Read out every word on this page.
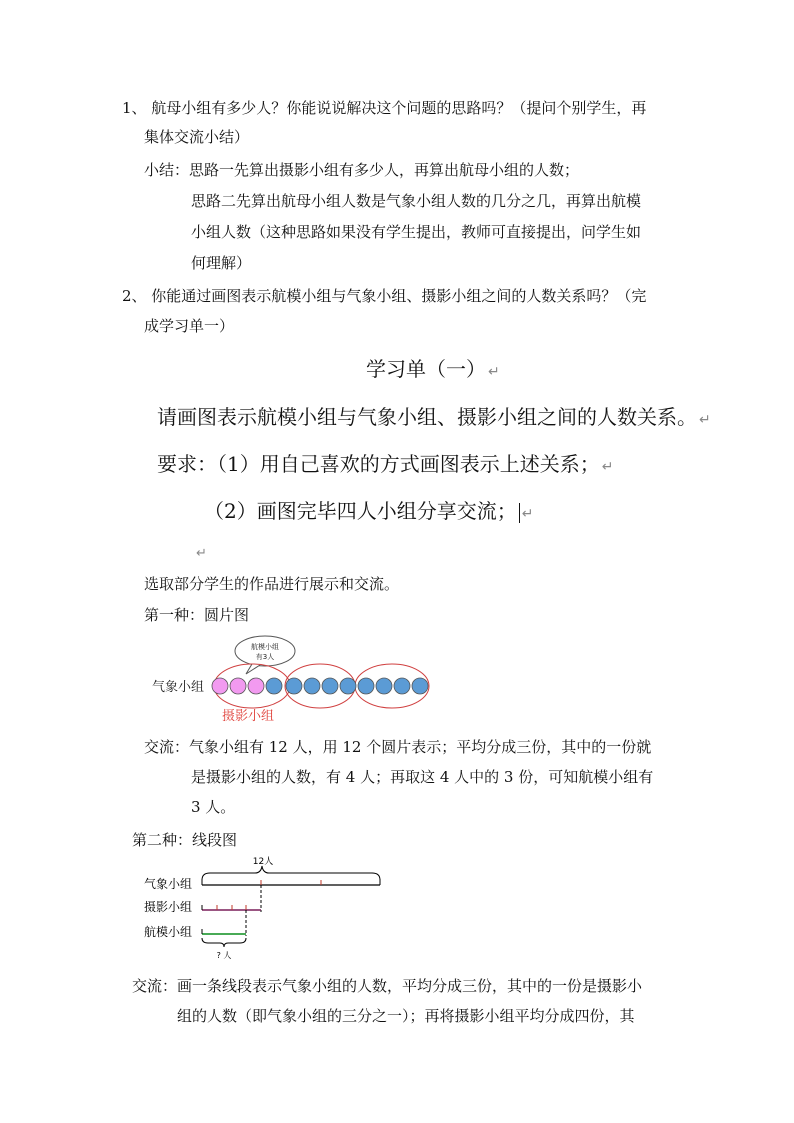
1、 航母小组有多少人？你能说说解决这个问题的思路吗？（提问个别学生，再
集体交流小结）
小结：思路一先算出摄影小组有多少人，再算出航母小组的人数；
思路二先算出航母小组人数是气象小组人数的几分之几，再算出航模
小组人数（这种思路如果没有学生提出，教师可直接提出，问学生如
何理解）
2、 你能通过画图表示航模小组与气象小组、摄影小组之间的人数关系吗？（完
成学习单一）
学习单（一） ↵
请画图表示航模小组与气象小组、摄影小组之间的人数关系。 ↵
要求：（1）用自己喜欢的方式画图表示上述关系； ↵
（2）画图完毕四人小组分享交流； ↵
↵
选取部分学生的作品进行展示和交流。
第一种：圆片图
航模小组
有3人
气象小组
摄影小组
交流：气象小组有 12 人，用 12 个圆片表示；平均分成三份，其中的一份就
是摄影小组的人数，有 4 人；再取这 4 人中的 3 份，可知航模小组有
3 人。
第二种：线段图
12人
气象小组
摄影小组
航模小组
? 人
交流：画一条线段表示气象小组的人数，平均分成三份，其中的一份是摄影小
组的人数（即气象小组的三分之一）；再将摄影小组平均分成四份，其
